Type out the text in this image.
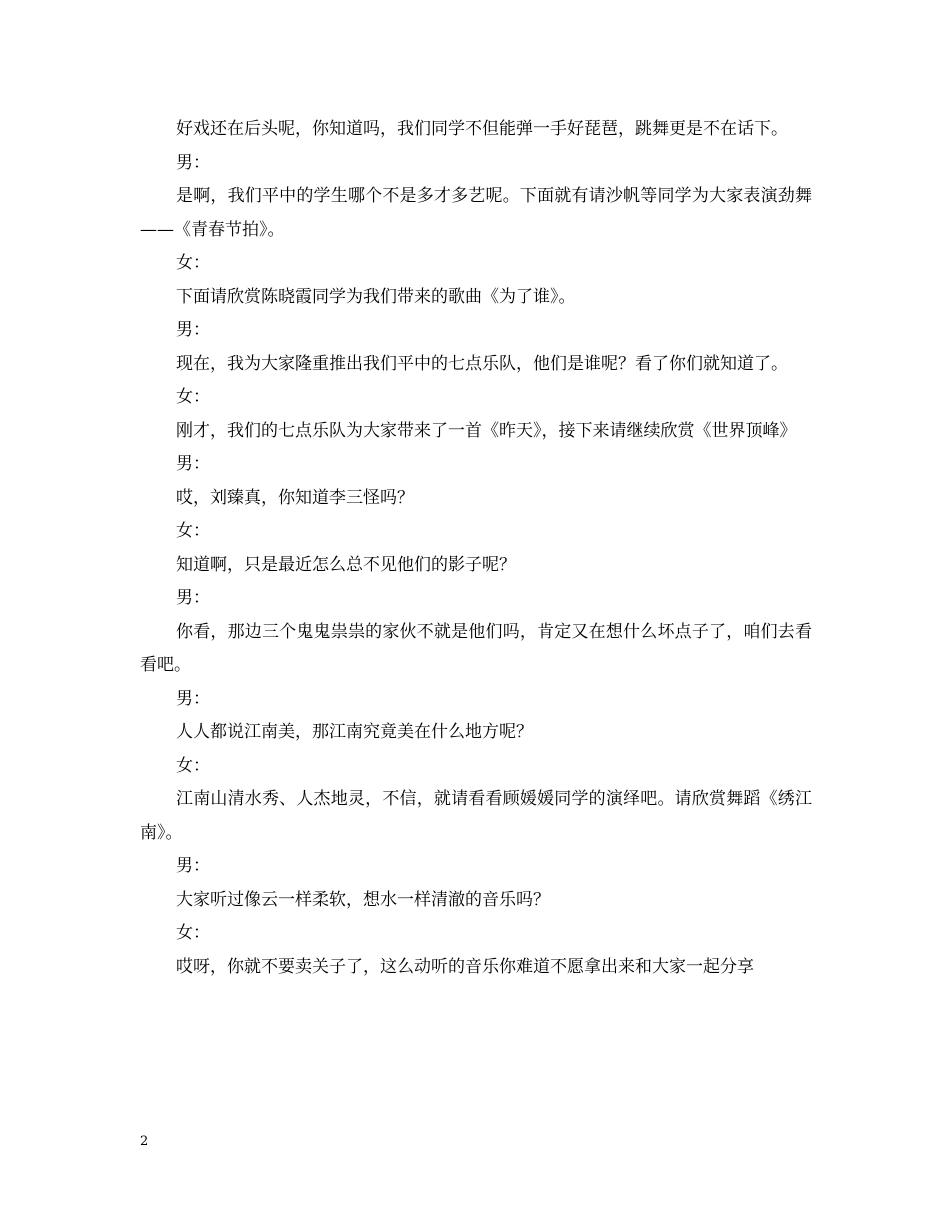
好戏还在后头呢，你知道吗，我们同学不但能弹一手好琵琶，跳舞更是不在话下。

男：

是啊，我们平中的学生哪个不是多才多艺呢。下面就有请沙帆等同学为大家表演劲舞——《青春节拍》。

女：

下面请欣赏陈晓霞同学为我们带来的歌曲《为了谁》。

男：

现在，我为大家隆重推出我们平中的七点乐队，他们是谁呢？看了你们就知道了。

女：

刚才，我们的七点乐队为大家带来了一首《昨天》，接下来请继续欣赏《世界顶峰》

男：

哎，刘臻真，你知道李三怪吗？

女：

知道啊，只是最近怎么总不见他们的影子呢？

男：

你看，那边三个鬼鬼祟祟的家伙不就是他们吗，肯定又在想什么坏点子了，咱们去看看吧。

男：

人人都说江南美，那江南究竟美在什么地方呢？

女：

江南山清水秀、人杰地灵，不信，就请看看顾媛媛同学的演绎吧。请欣赏舞蹈《绣江南》。

男：

大家听过像云一样柔软，想水一样清澈的音乐吗？

女：

哎呀，你就不要卖关子了，这么动听的音乐你难道不愿拿出来和大家一起分享

2
